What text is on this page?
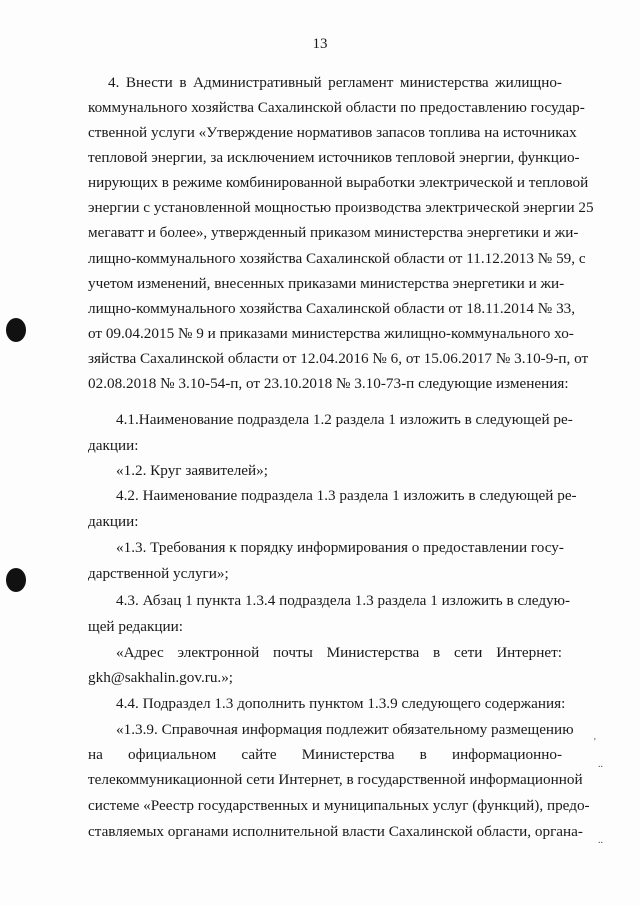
13
4. Внести в Административный регламент министерства жилищно-
коммунального хозяйства Сахалинской области по предоставлению государ-
ственной услуги «Утверждение нормативов запасов топлива на источниках
тепловой энергии, за исключением источников тепловой энергии, функцио-
нирующих в режиме комбинированной выработки электрической и тепловой
энергии с установленной мощностью производства электрической энергии 25
мегаватт и более», утвержденный приказом министерства энергетики и жи-
лищно-коммунального хозяйства Сахалинской области от 11.12.2013 № 59, с
учетом изменений, внесенных приказами министерства энергетики и жи-
лищно-коммунального хозяйства Сахалинской области от 18.11.2014 № 33,
от 09.04.2015 № 9 и приказами министерства жилищно-коммунального хо-
зяйства Сахалинской области от 12.04.2016 № 6, от 15.06.2017 № 3.10-9-п, от
02.08.2018 № 3.10-54-п, от 23.10.2018 № 3.10-73-п следующие изменения:
4.1.Наименование подраздела 1.2 раздела 1 изложить в следующей ре-
дакции:
«1.2. Круг заявителей»;
4.2. Наименование подраздела 1.3 раздела 1 изложить в следующей ре-
дакции:
«1.3. Требования к порядку информирования о предоставлении госу-
дарственной услуги»;
4.3. Абзац 1 пункта 1.3.4 подраздела 1.3 раздела 1 изложить в следую-
щей редакции:
«Адрес электронной почты Министерства в сети Интернет:
gkh@sakhalin.gov.ru.»;
4.4. Подраздел 1.3 дополнить пунктом 1.3.9 следующего содержания:
«1.3.9. Справочная информация подлежит обязательному размещению
на официальном сайте Министерства в информационно-
телекоммуникационной сети Интернет, в государственной информационной
системе «Реестр государственных и муниципальных услуг (функций), предо-
ставляемых органами исполнительной власти Сахалинской области, органа-
'
..
..
